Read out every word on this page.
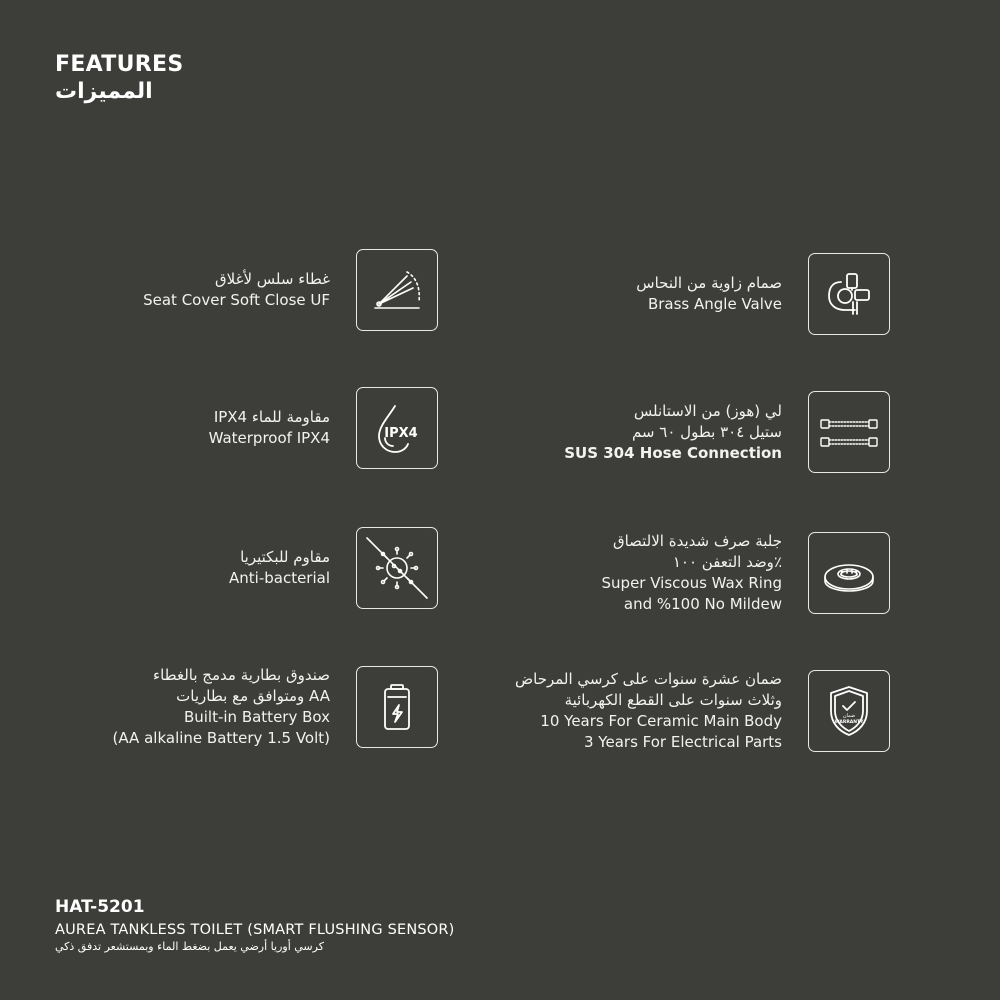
FEATURES
المميزات
غطاء سلس لأغلاق
Seat Cover Soft Close UF
IPX4 مقاومة للماء
Waterproof IPX4	IPX4
مقاوم للبكتيريا
Anti-bacterial
صندوق بطارية مدمج بالغطاء
ومتوافق مع بطاريات AA
Built-in Battery Box
(AA alkaline Battery 1.5 Volt)
صمام زاوية من النحاس
Brass Angle Valve
لي (هوز) من الاستانلس
ستيل ٣٠٤ بطول ٦٠ سم
SUS 304 Hose Connection
جلبة صرف شديدة الالتصاق
وضد التعفن ١٠٠٪
Super Viscous Wax Ring
and %100 No Mildew
ضمان عشرة سنوات على كرسي المرحاض
وثلاث سنوات على القطع الكهربائية
10 Years For Ceramic Main Body
3 Years For Electrical Parts
ضمان
WARRANTY
HAT-5201
AUREA TANKLESS TOILET (SMART FLUSHING SENSOR)
كرسي أوريا أرضي يعمل بضغط الماء وبمستشعر تدفق ذكي
